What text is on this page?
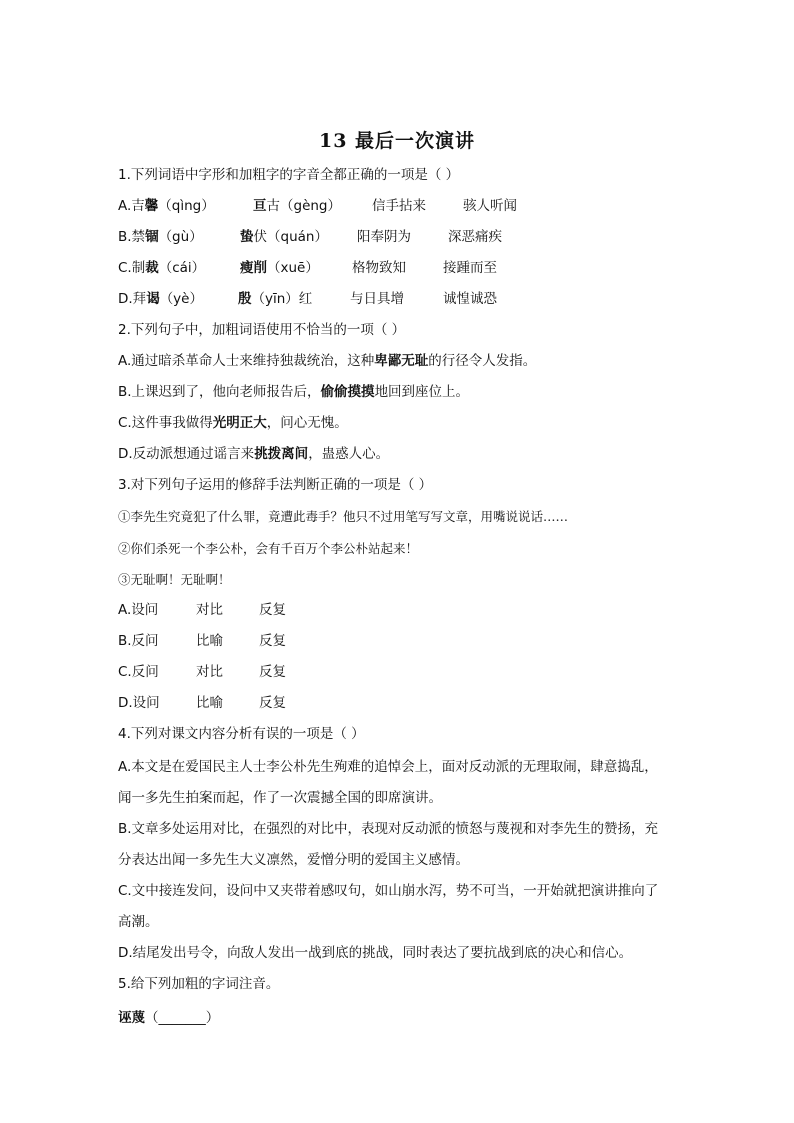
13 最后一次演讲
1.下列词语中字形和加粗字的字音全都正确的一项是（ ）
A.吉馨（qìng）	亘古（gèng） 信手拈来	骇人听闻
B.禁锢（gù）	蛰伏（quán） 阳奉阴为	深恶痛疾
C.制裁（cái）	瘦削（xuē） 格物致知	接踵而至
D.拜谒（yè）	殷（yīn）红	与日具增	诚惶诚恐
2.下列句子中，加粗词语使用不恰当的一项（ ）
A.通过暗杀革命人士来维持独裁统治，这种卑鄙无耻的行径令人发指。
B.上课迟到了，他向老师报告后，偷偷摸摸地回到座位上。
C.这件事我做得光明正大，问心无愧。
D.反动派想通过谣言来挑拨离间，蛊惑人心。
3.对下列句子运用的修辞手法判断正确的一项是（ ）
①李先生究竟犯了什么罪，竟遭此毒手？他只不过用笔写写文章，用嘴说说话……
②你们杀死一个李公朴，会有千百万个李公朴站起来！
③无耻啊！无耻啊！
A.设问	对比	反复
B.反问	比喻	反复
C.反问	对比	反复
D.设问	比喻	反复
4.下列对课文内容分析有误的一项是（ ）
A.本文是在爱国民主人士李公朴先生殉难的追悼会上，面对反动派的无理取闹，肆意捣乱，
闻一多先生拍案而起，作了一次震撼全国的即席演讲。
B.文章多处运用对比，在强烈的对比中，表现对反动派的愤怒与蔑视和对李先生的赞扬，充
分表达出闻一多先生大义凛然，爱憎分明的爱国主义感情。
C.文中接连发问，设问中又夹带着感叹句，如山崩水泻，势不可当，一开始就把演讲推向了
高潮。
D.结尾发出号令，向敌人发出一战到底的挑战，同时表达了要抗战到底的决心和信心。
5.给下列加粗的字词注音。
诬蔑（_______）
